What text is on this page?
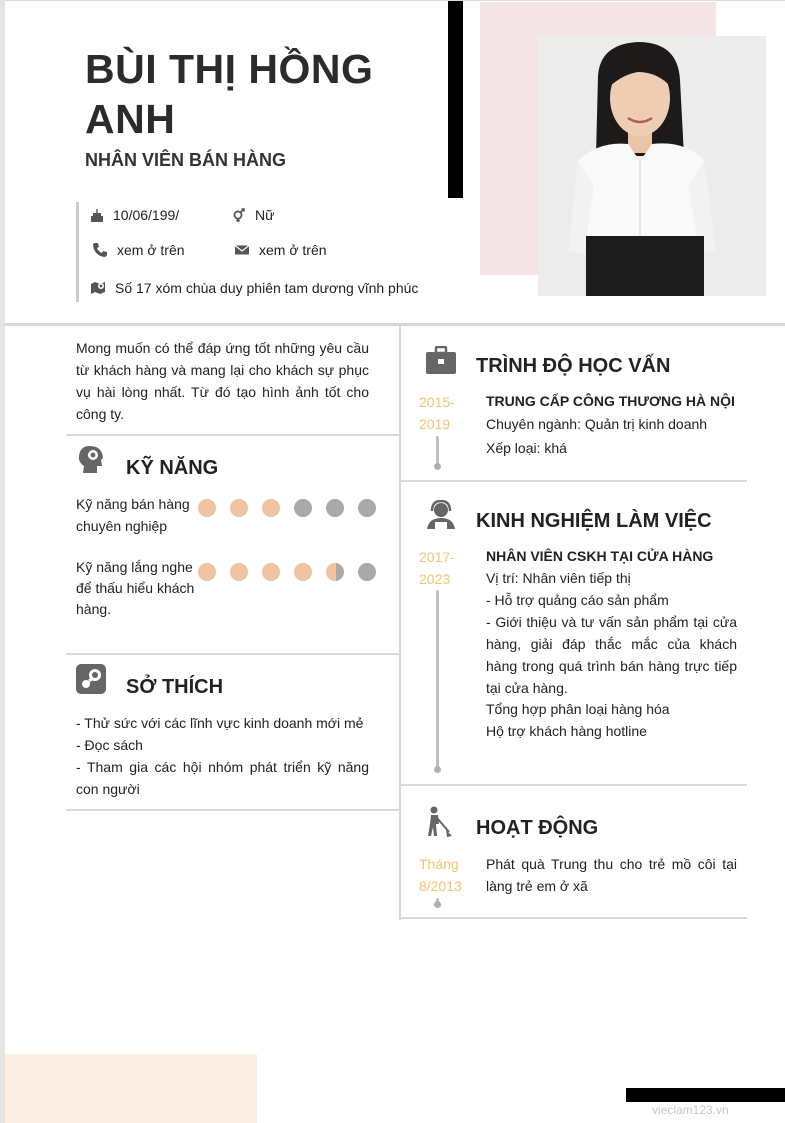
BÙI THỊ HỒNG ANH
NHÂN VIÊN BÁN HÀNG
10/06/199/	Nữ
xem ở trên	xem ở trên
Số 17 xóm chùa duy phiên tam dương vĩnh phúc
Mong muốn có thể đáp ứng tốt những yêu cầu từ khách hàng và mang lại cho khách sự phục vụ hài lòng nhất. Từ đó tạo hình ảnh tốt cho công ty.
KỸ NĂNG
Kỹ năng bán hàng chuyên nghiệp
Kỹ năng lắng nghe để thấu hiểu khách hàng.
SỞ THÍCH
- Thử sức với các lĩnh vực kinh doanh mới mẻ
- Đọc sách
- Tham gia các hội nhóm phát triển kỹ năng con người
TRÌNH ĐỘ HỌC VẤN
2015-2019
TRUNG CẤP CÔNG THƯƠNG HÀ NỘI
Chuyên ngành: Quản trị kinh doanh
Xếp loại: khá
KINH NGHIỆM LÀM VIỆC
2017-2023
NHÂN VIÊN CSKH TẠI CỬA HÀNG
Vị trí: Nhân viên tiếp thị
- Hỗ trợ quảng cáo sản phẩm
- Giới thiệu và tư vấn sản phẩm tại cửa hàng, giải đáp thắc mắc của khách hàng trong quá trình bán hàng trực tiếp tại cửa hàng.
Tổng hợp phân loại hàng hóa
Hộ trợ khách hàng hotline
HOẠT ĐỘNG
Tháng 8/2013
Phát quà Trung thu cho trẻ mồ côi tại làng trẻ em ở xã
vieclam123.vn
